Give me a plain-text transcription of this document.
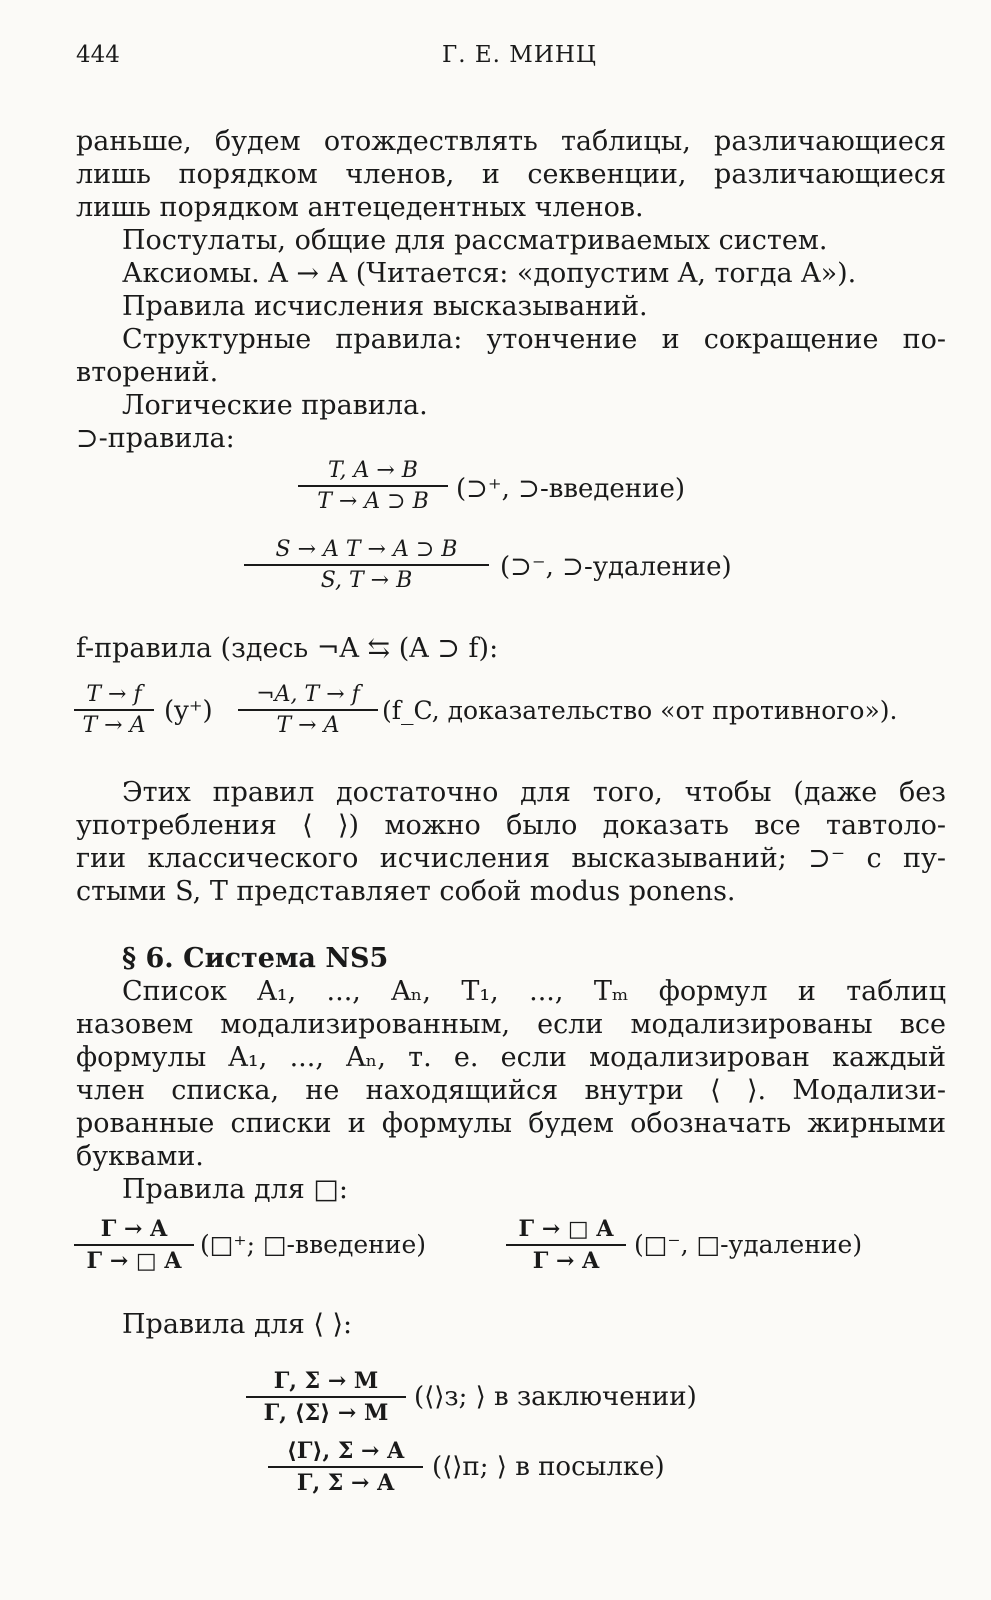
444	Г. Е. МИНЦ
раньше, будем отождествлять таблицы, различающиеся
лишь порядком членов, и секвенции, различающиеся
лишь порядком антецедентных членов.
Постулаты, общие для рассматриваемых систем.
Аксиомы. A → A (Читается: «допустим A, тогда A»).
Правила исчисления высказываний.
Структурные правила: утончение и сокращение по-
вторений.
Логические правила.
⊃-правила:
$\frac{T, A \to B}{T \to A ⊃ B}$ (⊃⁺, ⊃-введение)
$\frac{\text{S → A T → A ⊃ B}}{S, T \to B}$ (⊃⁻, ⊃-удаление)
f-правила (здесь ¬A ⇆ (A ⊃ f):
$\frac{T \to f}{T \to A} (y^+) \frac{\neg A, T \to f}{T \to A}$ (f_C, доказательство «от противного»).
Этих правил достаточно для того, чтобы (даже без
употребления ⟨ ⟩) можно было доказать все тавтоло-
гии классического исчисления высказываний; ⊃⁻ с пу-
стыми S, T представляет собой modus ponens.
§ 6. Система NS5
Список A₁, ..., Aₙ, T₁, ..., Tₘ формул и таблиц
назовем модализированным, если модализированы все
формулы A₁, ..., Aₙ, т. е. если модализирован каждый
член списка, не находящийся внутри ⟨ ⟩. Модализи-
рованные списки и формулы будем обозначать жирными
буквами.
Правила для □:
$\frac{\Gamma \to A}{\Gamma \to □ A}$ (□⁺; □-введение)	$\frac{\Gamma \to □ A}{\Gamma \to A}$ (□⁻, □-удаление)
Правила для ⟨ ⟩:
$\frac{\Gamma, \Sigma \to M}{\Gamma, ⟨\Sigma⟩ \to M}$ (⟨⟩з; ⟩ в заключении)
$\frac{⟨\Gamma⟩, \Sigma \to A}{\Gamma, \Sigma \to A}$ (⟨⟩п; ⟩ в посылке)
